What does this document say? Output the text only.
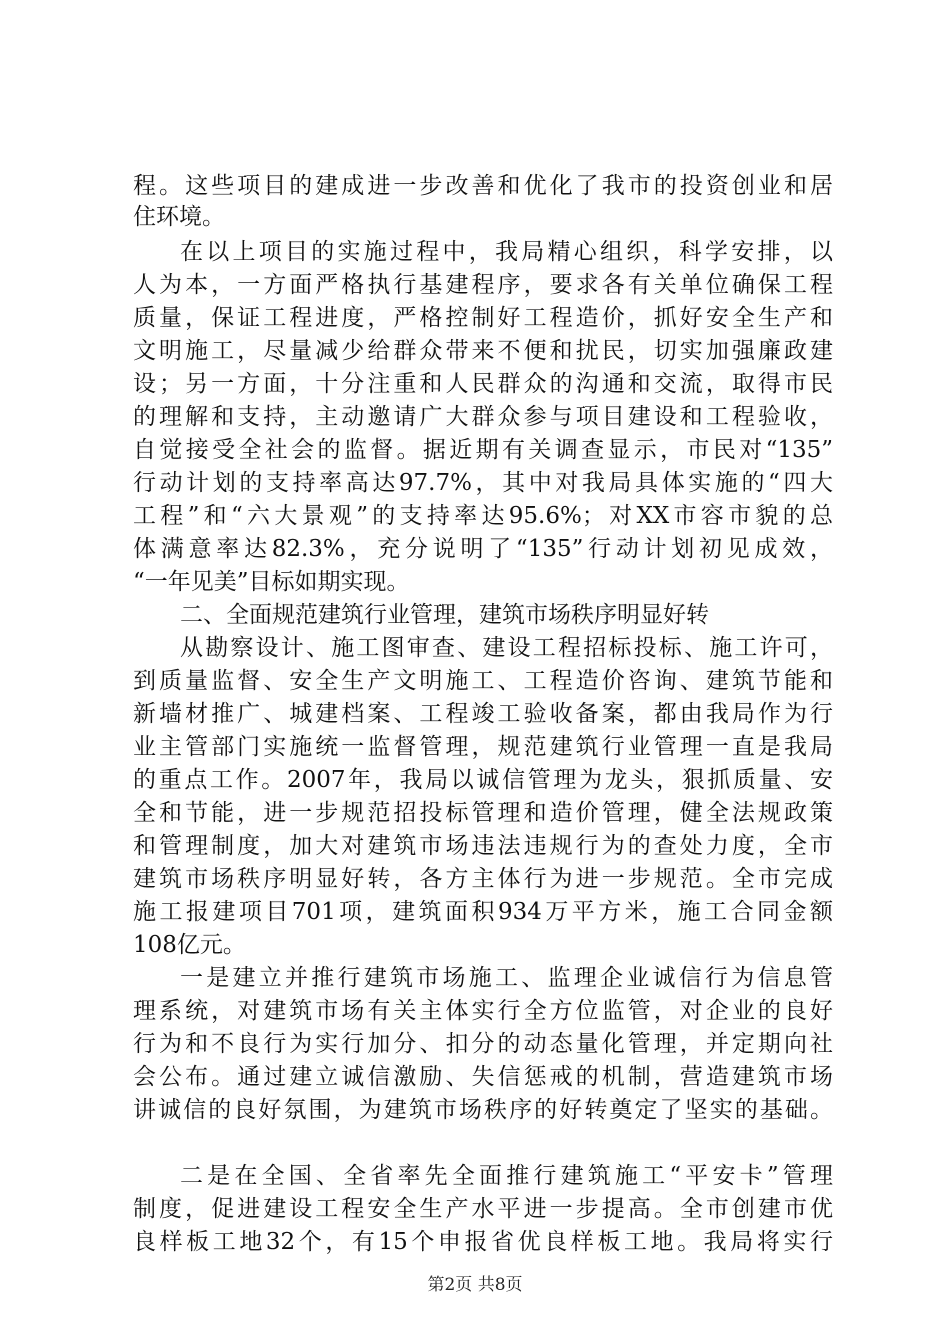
程。这些项目的建成进一步改善和优化了我市的投资创业和居
住环境。
在以上项目的实施过程中，我局精心组织，科学安排，以
人为本，一方面严格执行基建程序，要求各有关单位确保工程
质量，保证工程进度，严格控制好工程造价，抓好安全生产和
文明施工，尽量减少给群众带来不便和扰民，切实加强廉政建
设；另一方面，十分注重和人民群众的沟通和交流，取得市民
的理解和支持，主动邀请广大群众参与项目建设和工程验收，
自觉接受全社会的监督。据近期有关调查显示，市民对“135”
行动计划的支持率高达97.7%，其中对我局具体实施的“四大
工程”和“六大景观”的支持率达95.6%；对XX市容市貌的总
体满意率达82.3%，充分说明了“135”行动计划初见成效，
“一年见美”目标如期实现。
二、全面规范建筑行业管理，建筑市场秩序明显好转
从勘察设计、施工图审查、建设工程招标投标、施工许可，
到质量监督、安全生产文明施工、工程造价咨询、建筑节能和
新墙材推广、城建档案、工程竣工验收备案，都由我局作为行
业主管部门实施统一监督管理，规范建筑行业管理一直是我局
的重点工作。2007年，我局以诚信管理为龙头，狠抓质量、安
全和节能，进一步规范招投标管理和造价管理，健全法规政策
和管理制度，加大对建筑市场违法违规行为的查处力度，全市
建筑市场秩序明显好转，各方主体行为进一步规范。全市完成
施工报建项目701项，建筑面积934万平方米，施工合同金额
108亿元。
一是建立并推行建筑市场施工、监理企业诚信行为信息管
理系统，对建筑市场有关主体实行全方位监管，对企业的良好
行为和不良行为实行加分、扣分的动态量化管理，并定期向社
会公布。通过建立诚信激励、失信惩戒的机制，营造建筑市场
讲诚信的良好氛围，为建筑市场秩序的好转奠定了坚实的基础。
二是在全国、全省率先全面推行建筑施工“平安卡”管理
制度，促进建设工程安全生产水平进一步提高。全市创建市优
良样板工地32个，有15个申报省优良样板工地。我局将实行
第2页 共8页
